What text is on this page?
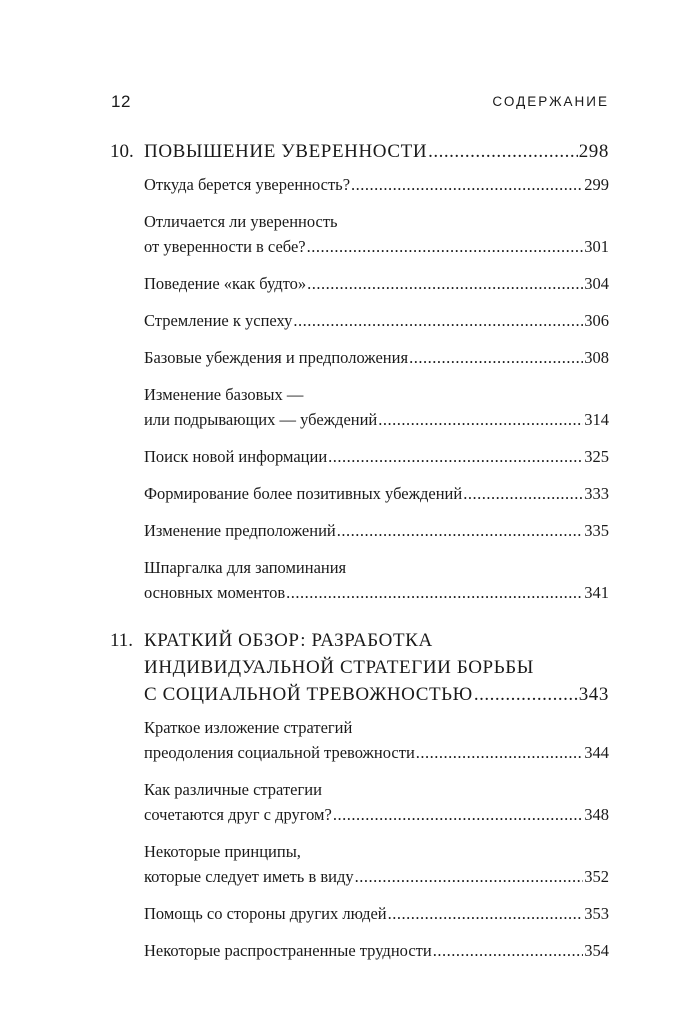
12	СОДЕРЖАНИЕ
10. ПОВЫШЕНИЕ УВЕРЕННОСТИ .....	298
Откуда берется уверенность? .....	299
Отличается ли уверенность
от уверенности в себе? .....	301
Поведение «как будто» .....	304
Стремление к успеху .....	306
Базовые убеждения и предположения .....	308
Изменение базовых —
или подрывающих — убеждений .....	314
Поиск новой информации .....	325
Формирование более позитивных убеждений .....	333
Изменение предположений .....	335
Шпаргалка для запоминания
основных моментов .....	341
11. КРАТКИЙ ОБЗОР: РАЗРАБОТКА
ИНДИВИДУАЛЬНОЙ СТРАТЕГИИ БОРЬБЫ
С СОЦИАЛЬНОЙ ТРЕВОЖНОСТЬЮ .....	343
Краткое изложение стратегий
преодоления социальной тревожности .....	344
Как различные стратегии
сочетаются друг с другом? .....	348
Некоторые принципы,
которые следует иметь в виду .....	352
Помощь со стороны других людей .....	353
Некоторые распространенные трудности .....	354
